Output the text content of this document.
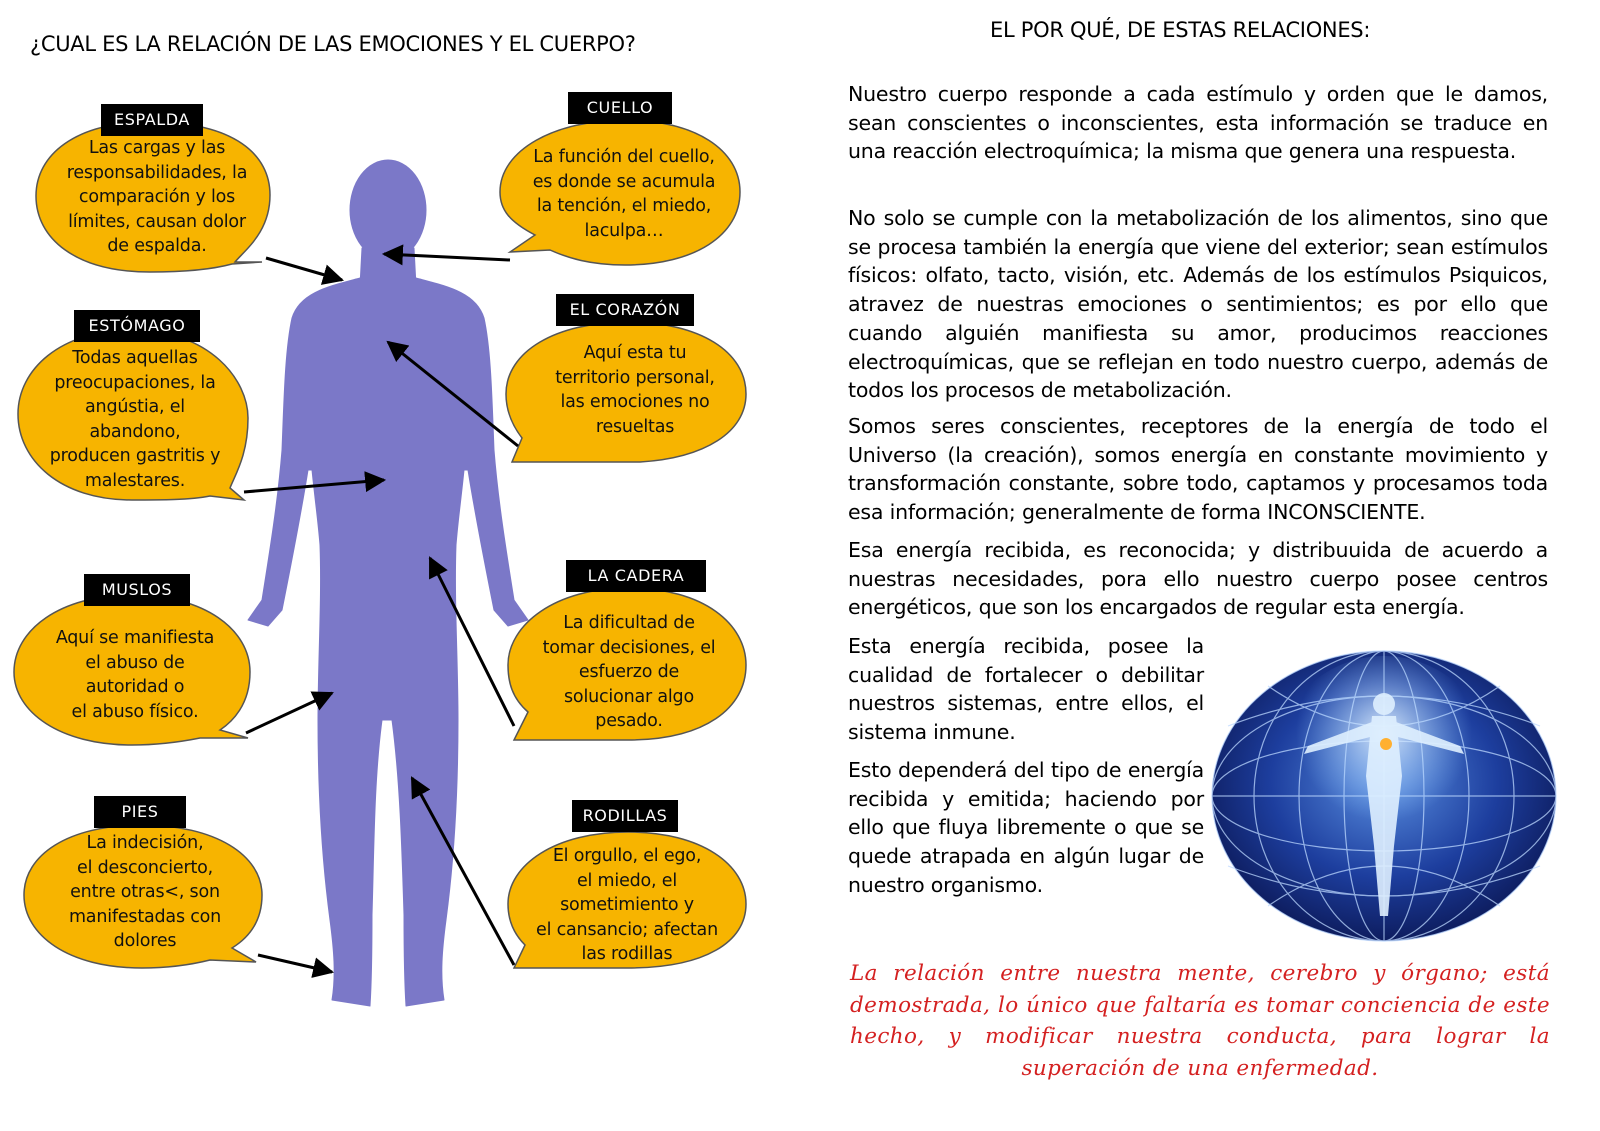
¿CUAL ES LA RELACIÓN DE LAS EMOCIONES Y EL CUERPO?
EL POR QUÉ, DE ESTAS RELACIONES:
ESPALDA
CUELLO
ESTÓMAGO
EL CORAZÓN
MUSLOS
LA CADERA
PIES	RODILLAS
Las cargas y las
responsabilidades, la
comparación y los
límites, causan dolor
de espalda.
La función del cuello,
es donde se acumula
la tención, el miedo,
laculpa…
Todas aquellas
preocupaciones, la
angústia, el
abandono,
producen gastritis y
malestares.
Aquí esta tu
territorio personal,
las emociones no
resueltas
Aquí se manifiesta
el abuso de
autoridad o
el abuso físico.
La dificultad de
tomar decisiones, el
esfuerzo de
solucionar algo
pesado.
La indecisión,
el desconcierto,
entre otras<, son
manifestadas con
dolores
El orgullo, el ego,
el miedo, el
sometimiento y
el cansancio; afectan
las rodillas
Nuestro cuerpo responde a cada estímulo y orden que le damos, sean conscientes o inconscientes, esta información se traduce en una reacción electroquímica; la misma que genera una respuesta.
No solo se cumple con la metabolización de los alimentos, sino que se procesa también la energía que viene del exterior; sean estímulos físicos: olfato, tacto, visión, etc. Además de los estímulos Psiquicos, atravez de nuestras emociones o sentimientos; es por ello que cuando alguién manifiesta su amor, producimos reacciones electroquímicas, que se reflejan en todo nuestro cuerpo, además de todos los procesos de metabolización.
Somos seres conscientes, receptores de la energía de todo el Universo (la creación), somos energía en constante movimiento y transformación constante, sobre todo, captamos y procesamos toda esa información; generalmente de forma INCONSCIENTE.
Esa energía recibida, es reconocida; y distribuuida de acuerdo a nuestras necesidades, pora ello nuestro cuerpo posee centros energéticos, que son los encargados de regular esta energía.
Esta energía recibida, posee la cualidad de fortalecer o debilitar nuestros sistemas, entre ellos, el sistema inmune.
Esto dependerá del tipo de energía recibida y emitida; haciendo por ello que fluya libremente o que se quede atrapada en algún lugar de nuestro organismo.
La relación entre nuestra mente, cerebro y órgano; está demostrada, lo único que faltaría es tomar conciencia de este hecho, y modificar nuestra conducta, para lograr la superación de una enfermedad.
